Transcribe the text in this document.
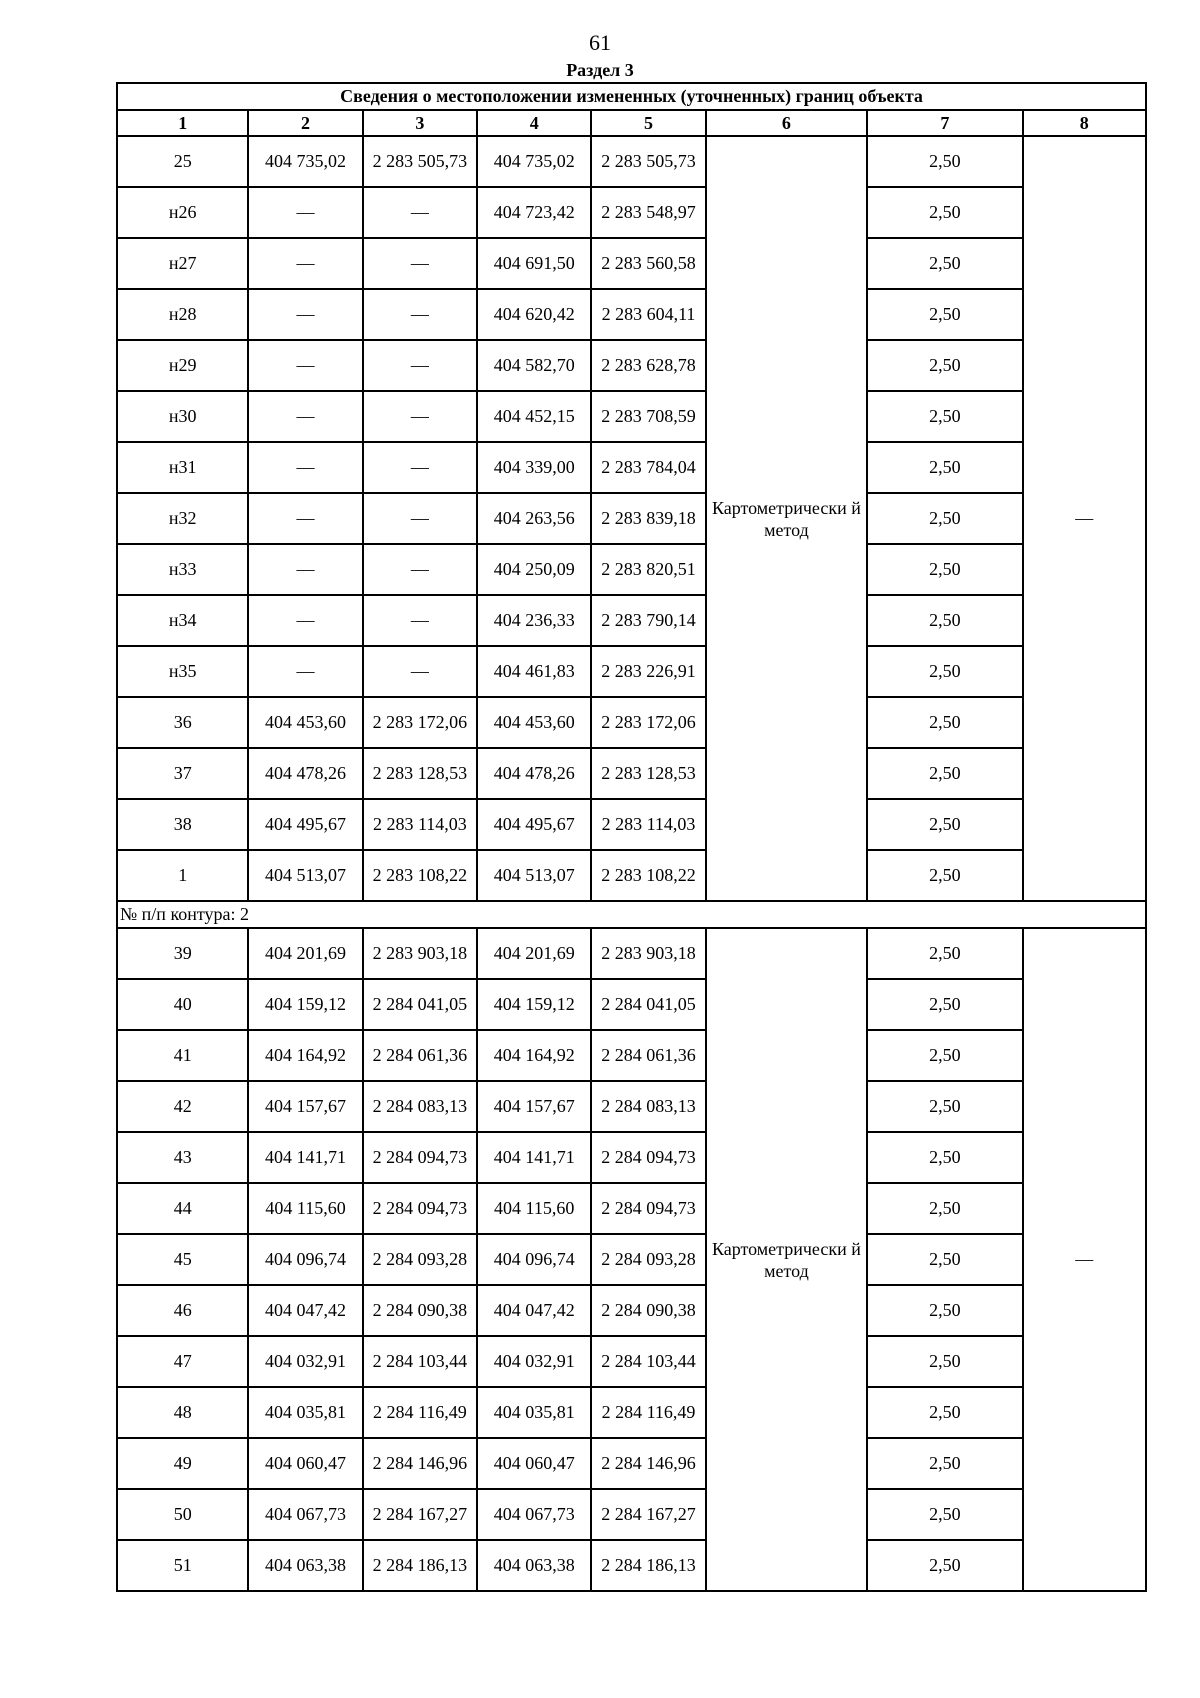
61
Раздел 3
Сведения о местоположении измененных (уточненных) границ объекта							
1	2	3	4	5	6	7	8
25	404 735,02	2 283 505,73	404 735,02	2 283 505,73	Картометрически й метод	2,50	—
н26	—	—	404 723,42	2 283 548,97		2,50	
н27	—	—	404 691,50	2 283 560,58		2,50	
н28	—	—	404 620,42	2 283 604,11		2,50	
н29	—	—	404 582,70	2 283 628,78		2,50	
н30	—	—	404 452,15	2 283 708,59		2,50	
н31	—	—	404 339,00	2 283 784,04		2,50	
н32	—	—	404 263,56	2 283 839,18		2,50	
н33	—	—	404 250,09	2 283 820,51		2,50	
н34	—	—	404 236,33	2 283 790,14		2,50	
н35	—	—	404 461,83	2 283 226,91		2,50	
36	404 453,60	2 283 172,06	404 453,60	2 283 172,06		2,50	
37	404 478,26	2 283 128,53	404 478,26	2 283 128,53		2,50	
38	404 495,67	2 283 114,03	404 495,67	2 283 114,03		2,50	
1	404 513,07	2 283 108,22	404 513,07	2 283 108,22		2,50	
№ п/п контура: 2							
39	404 201,69	2 283 903,18	404 201,69	2 283 903,18	Картометрически й метод	2,50	—
40	404 159,12	2 284 041,05	404 159,12	2 284 041,05		2,50	
41	404 164,92	2 284 061,36	404 164,92	2 284 061,36		2,50	
42	404 157,67	2 284 083,13	404 157,67	2 284 083,13		2,50	
43	404 141,71	2 284 094,73	404 141,71	2 284 094,73		2,50	
44	404 115,60	2 284 094,73	404 115,60	2 284 094,73		2,50	
45	404 096,74	2 284 093,28	404 096,74	2 284 093,28		2,50	
46	404 047,42	2 284 090,38	404 047,42	2 284 090,38		2,50	
47	404 032,91	2 284 103,44	404 032,91	2 284 103,44		2,50	
48	404 035,81	2 284 116,49	404 035,81	2 284 116,49		2,50	
49	404 060,47	2 284 146,96	404 060,47	2 284 146,96		2,50	
50	404 067,73	2 284 167,27	404 067,73	2 284 167,27		2,50	
51	404 063,38	2 284 186,13	404 063,38	2 284 186,13		2,50	
